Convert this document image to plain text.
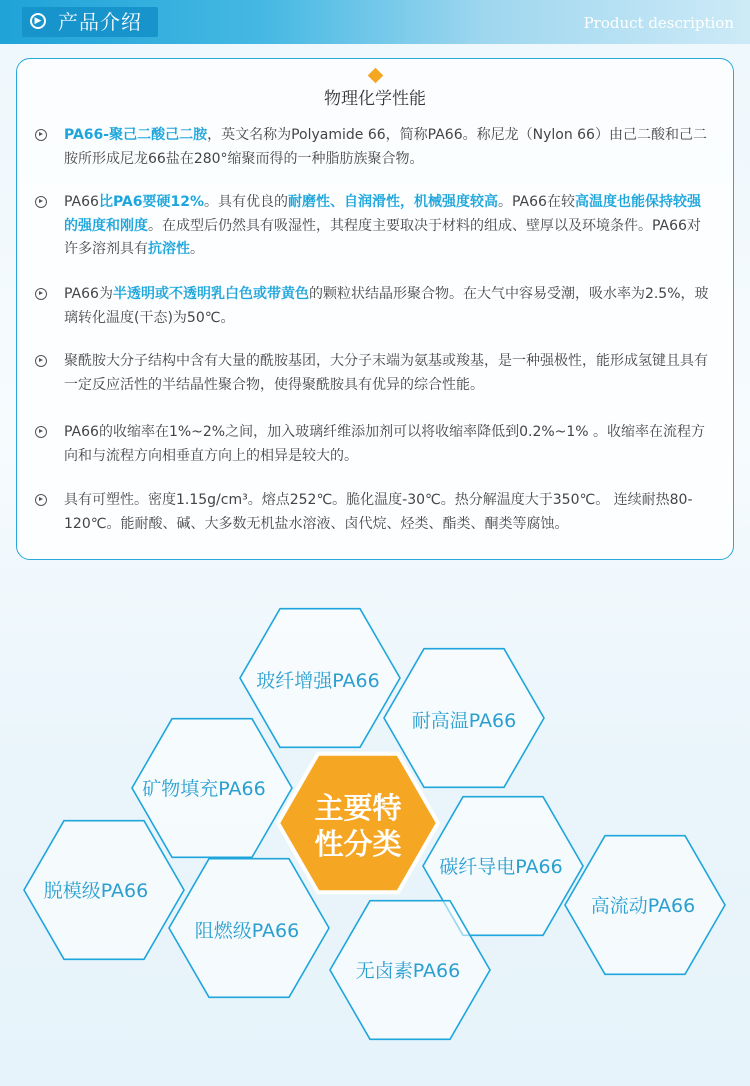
▶ 产品介绍	Product description
物理化学性能
PA66-聚己二酸己二胺，英文名称为Polyamide 66，简称PA66。称尼龙（Nylon 66）由己二酸和己二胺所形成尼龙66盐在280°缩聚而得的一种脂肪族聚合物。
PA66比PA6要硬12%。具有优良的耐磨性、自润滑性，机械强度较高。PA66在较高温度也能保持较强的强度和刚度。在成型后仍然具有吸湿性，其程度主要取决于材料的组成、壁厚以及环境条件。PA66对许多溶剂具有抗溶性。
PA66为半透明或不透明乳白色或带黄色的颗粒状结晶形聚合物。在大气中容易受潮，吸水率为2.5%，玻璃转化温度(干态)为50℃。
聚酰胺大分子结构中含有大量的酰胺基团，大分子末端为氨基或羧基，是一种强极性，能形成氢键且具有一定反应活性的半结晶性聚合物，使得聚酰胺具有优异的综合性能。
PA66的收缩率在1%~2%之间，加入玻璃纤维添加剂可以将收缩率降低到0.2%~1% 。收缩率在流程方向和与流程方向相垂直方向上的相异是较大的。
具有可塑性。密度1.15g/cm³。熔点252℃。脆化温度-30℃。热分解温度大于350℃。 连续耐热80-120℃。能耐酸、碱、大多数无机盐水溶液、卤代烷、烃类、酯类、酮类等腐蚀。
玻纤增强PA66
耐高温PA66
矿物填充PA66
碳纤导电PA66
脱模级PA66
高流动PA66
阻燃级PA66
无卤素PA66
主要特
性分类
